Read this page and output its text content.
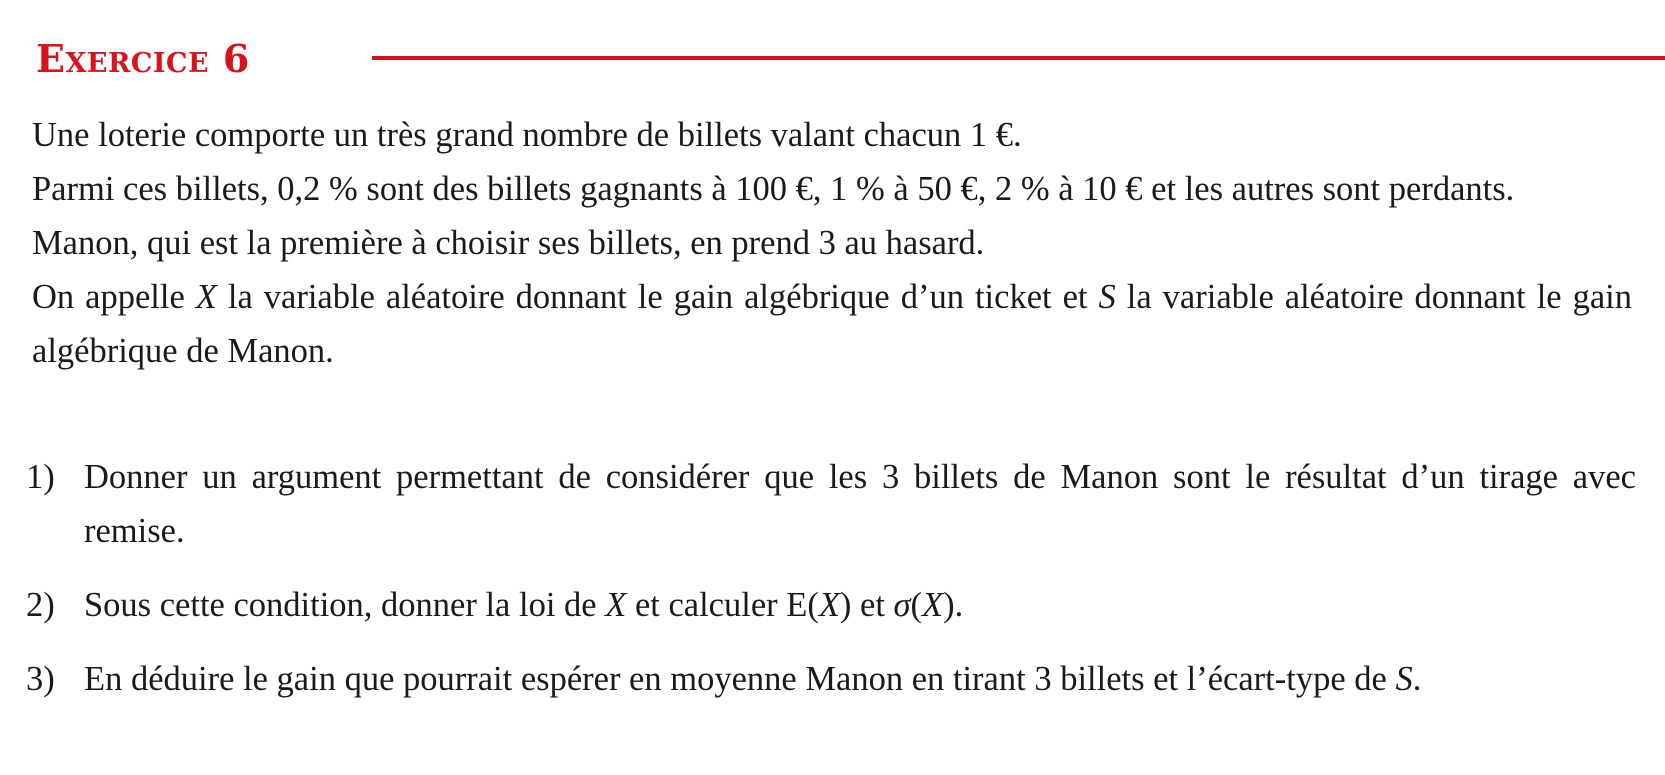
Exercice 6

Une loterie comporte un très grand nombre de billets valant chacun 1 €.

Parmi ces billets, 0,2 % sont des billets gagnants à 100 €, 1 % à 50 €, 2 % à 10 € et les autres sont perdants.

Manon, qui est la première à choisir ses billets, en prend 3 au hasard.

On appelle X la variable aléatoire donnant le gain algébrique d’un ticket et S la variable aléatoire donnant le gain algébrique de Manon.

1) Donner un argument permettant de considérer que les 3 billets de Manon sont le résultat d’un tirage avec remise.
2) Sous cette condition, donner la loi de X et calculer E(X) et σ(X).
3) En déduire le gain que pourrait espérer en moyenne Manon en tirant 3 billets et l’écart-type de S.
